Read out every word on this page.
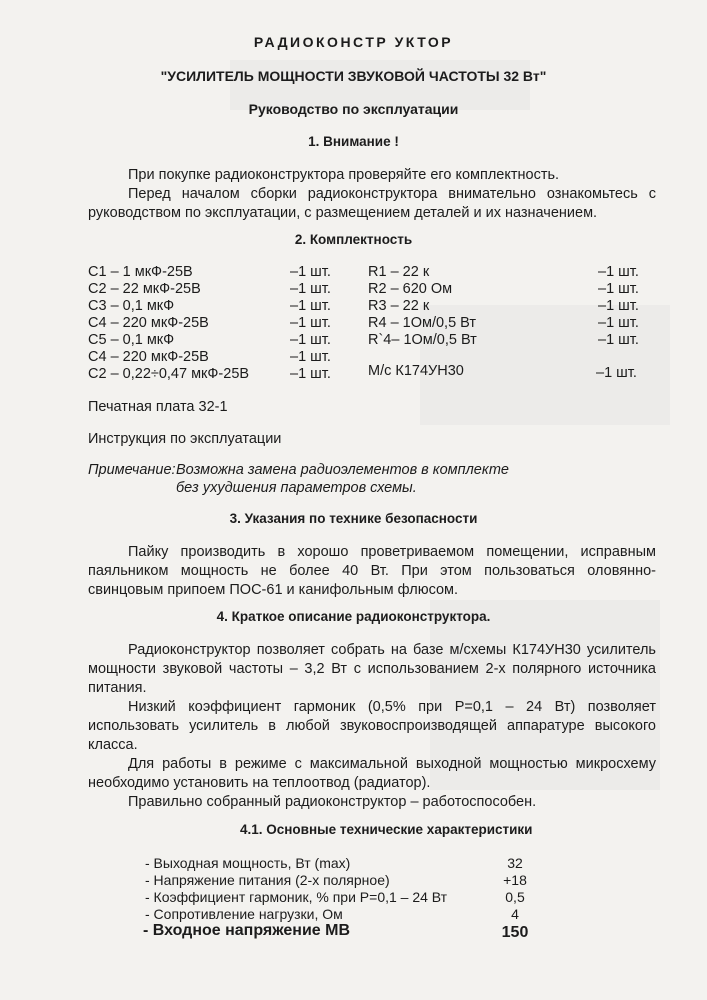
РАДИОКОНСТР УКТОР
"УСИЛИТЕЛЬ МОЩНОСТИ ЗВУКОВОЙ ЧАСТОТЫ 32 Вт"
Руководство по эксплуатации
1. Внимание !

При покупке радиоконструктора проверяйте его комплектность.

Перед началом сборки радиоконструктора внимательно ознакомьтесь с руководством по эксплуатации, с размещением деталей и их назначением.

2. Комплектность
С1 – 1 мкФ-25В
С2 – 22 мкФ-25В
С3 – 0,1 мкФ
С4 – 220 мкФ-25В
С5 – 0,1 мкФ
С4 – 220 мкФ-25В
С2 – 0,22÷0,47 мкФ-25В
–1 шт.
–1 шт.
–1 шт.
–1 шт.
–1 шт.
–1 шт.
–1 шт.
R1 – 22 к
R2 – 620 Ом
R3 – 22 к
R4 – 1Ом/0,5 Вт
R`4– 1Ом/0,5 Вт
–1 шт.
–1 шт.
–1 шт.
–1 шт.
–1 шт.
М/с К174УН30	–1 шт.
Печатная плата 32-1
Инструкция по эксплуатации
Примечание:Возможна замена радиоэлементов в комплекте
без ухудшения параметров схемы.
3. Указания по технике безопасности

Пайку производить в хорошо проветриваемом помещении, исправным паяльником мощность не более 40 Вт. При этом пользоваться оловянно-свинцовым припоем ПОС-61 и канифольным флюсом.

4. Краткое описание радиоконструктора.

Радиоконструктор позволяет собрать на базе м/схемы К174УН30 усилитель мощности звуковой частоты – 3,2 Вт с использованием 2-х полярного источника питания.

Низкий коэффициент гармоник (0,5% при Р=0,1 – 24 Вт) позволяет использовать усилитель в любой звуковоспроизводящей аппаратуре высокого класса.

Для работы в режиме с максимальной выходной мощностью микросхему необходимо установить на теплоотвод (радиатор).

Правильно собранный радиоконструктор – работоспособен.

4.1. Основные технические характеристики
- Выходная мощность, Вт (max)
- Напряжение питания (2-х полярное)
- Коэффициент гармоник, % при Р=0,1 – 24 Вт
- Сопротивление нагрузки, Ом
32
+18
0,5
4
- Входное напряжение МВ	150
